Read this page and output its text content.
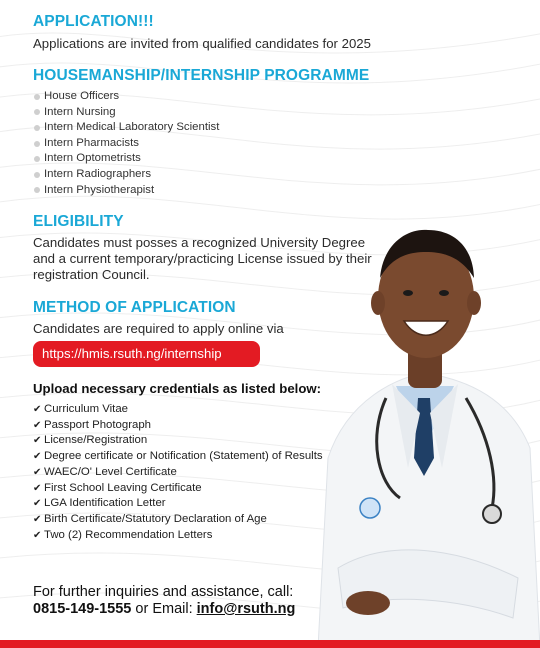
APPLICATION!!!

Applications are invited from qualified candidates for 2025

HOUSEMANSHIP/INTERNSHIP PROGRAMME
House Officers
Intern Nursing
Intern Medical Laboratory Scientist
Intern Pharmacists
Intern Optometrists
Intern Radiographers
Intern Physiotherapist
ELIGIBILITY

Candidates must posses a recognized University Degree

and a current temporary/practicing License issued by their

registration Council.

METHOD OF APPLICATION

Candidates are required to apply online via

https://hmis.rsuth.ng/internship

Upload necessary credentials as listed below:

✔ Curriculum Vitae
✔ Passport Photograph
✔ License/Registration
✔ Degree certificate or Notification (Statement) of Results
✔ WAEC/O' Level Certificate
✔ First School Leaving Certificate
✔ LGA Identification Letter
✔ Birth Certificate/Statutory Declaration of Age
✔ Two (2) Recommendation Letters

For further inquiries and assistance, call:

0815-149-1555 or Email: info@rsuth.ng
